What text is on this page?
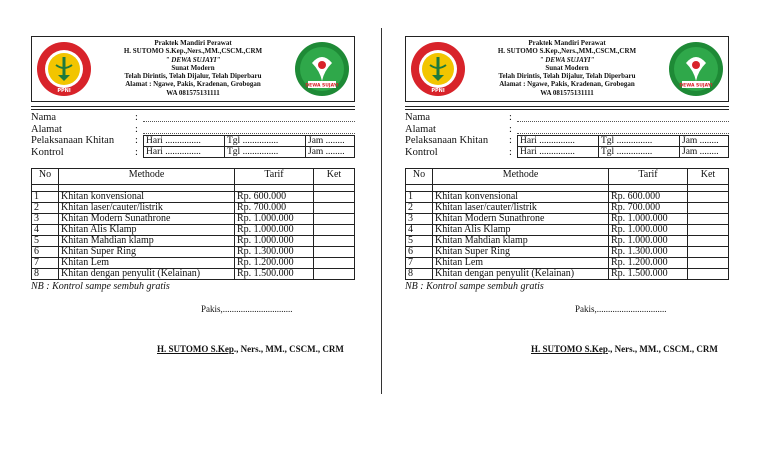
PPNI
Praktek Mandiri Perawat
H. SUTOMO S.Kep.,Ners.,MM.,CSCM.,CRM
" DEWA SUJAYI"
Sunat Modern
Telah Dirintis, Telah Dijalur, Telah Diperbaru
Alamat : Ngawe, Pakis, Kradenan, Grobogan
WA 081575131111
DEWA SUJAYI
Nama	:
Alamat	:
Pelaksanaan Khitan	: Hari ...............	Tgl ...............	Jam ........
Kontrol	: Hari ...............	Tgl ...............	Jam ........
No	Methode	Tarif	Ket

1	Khitan konvensional	Rp. 600.000	
2	Khitan laser/cauter/listrik	Rp. 700.000	
3	Khitan Modern Sunathrone	Rp. 1.000.000	
4	Khitan Alis Klamp	Rp. 1.000.000	
5	Khitan Mahdian klamp	Rp. 1.000.000	
6	Khitan Super Ring	Rp. 1.300.000	
7	Khitan Lem	Rp. 1.200.000	
8	Khitan dengan penyulit (Kelainan)	Rp. 1.500.000	
NB : Kontrol sampe sembuh gratis
Pakis,...............................
H. SUTOMO S.Kep., Ners., MM., CSCM., CRM
PPNI
Praktek Mandiri Perawat
H. SUTOMO S.Kep.,Ners.,MM.,CSCM.,CRM
" DEWA SUJAYI"
Sunat Modern
Telah Dirintis, Telah Dijalur, Telah Diperbaru
Alamat : Ngawe, Pakis, Kradenan, Grobogan
WA 081575131111
DEWA SUJAYI
Nama	:
Alamat	:
Pelaksanaan Khitan	: Hari ...............	Tgl ...............	Jam ........
Kontrol	: Hari ...............	Tgl ...............	Jam ........
No	Methode	Tarif	Ket

1	Khitan konvensional	Rp. 600.000	
2	Khitan laser/cauter/listrik	Rp. 700.000	
3	Khitan Modern Sunathrone	Rp. 1.000.000	
4	Khitan Alis Klamp	Rp. 1.000.000	
5	Khitan Mahdian klamp	Rp. 1.000.000	
6	Khitan Super Ring	Rp. 1.300.000	
7	Khitan Lem	Rp. 1.200.000	
8	Khitan dengan penyulit (Kelainan)	Rp. 1.500.000	
NB : Kontrol sampe sembuh gratis
Pakis,...............................
H. SUTOMO S.Kep., Ners., MM., CSCM., CRM
